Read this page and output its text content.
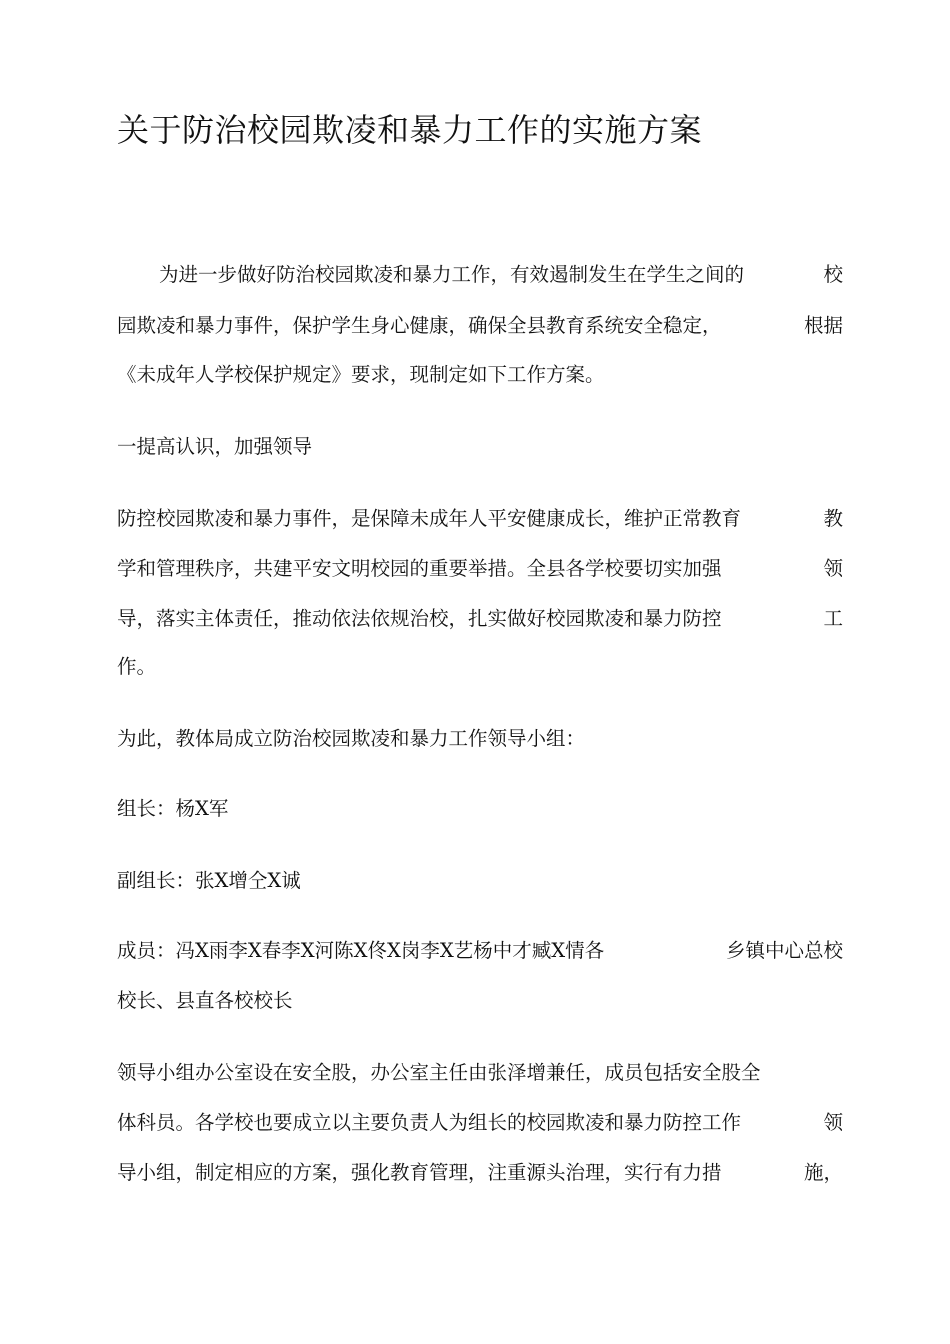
关于防治校园欺凌和暴力工作的实施方案

为进一步做好防治校园欺凌和暴力工作，有效遏制发生在学生之间的	校

园欺凌和暴力事件，保护学生身心健康，确保全县教育系统安全稳定，	根据

《未成年人学校保护规定》要求，现制定如下工作方案。

一提高认识，加强领导

防控校园欺凌和暴力事件，是保障未成年人平安健康成长，维护正常教育	教

学和管理秩序，共建平安文明校园的重要举措。全县各学校要切实加强	领

导，落实主体责任，推动依法依规治校，扎实做好校园欺凌和暴力防控	工

作。

为此，教体局成立防治校园欺凌和暴力工作领导小组：

组长：杨X军

副组长：张X增仝X诚

成员：冯X雨李X春李X河陈X佟X岗李X艺杨中才臧X情各	乡镇中心总校

校长、县直各校校长

领导小组办公室设在安全股，办公室主任由张泽增兼任，成员包括安全股全

体科员。各学校也要成立以主要负责人为组长的校园欺凌和暴力防控工作	领

导小组，制定相应的方案，强化教育管理，注重源头治理，实行有力措	施，
